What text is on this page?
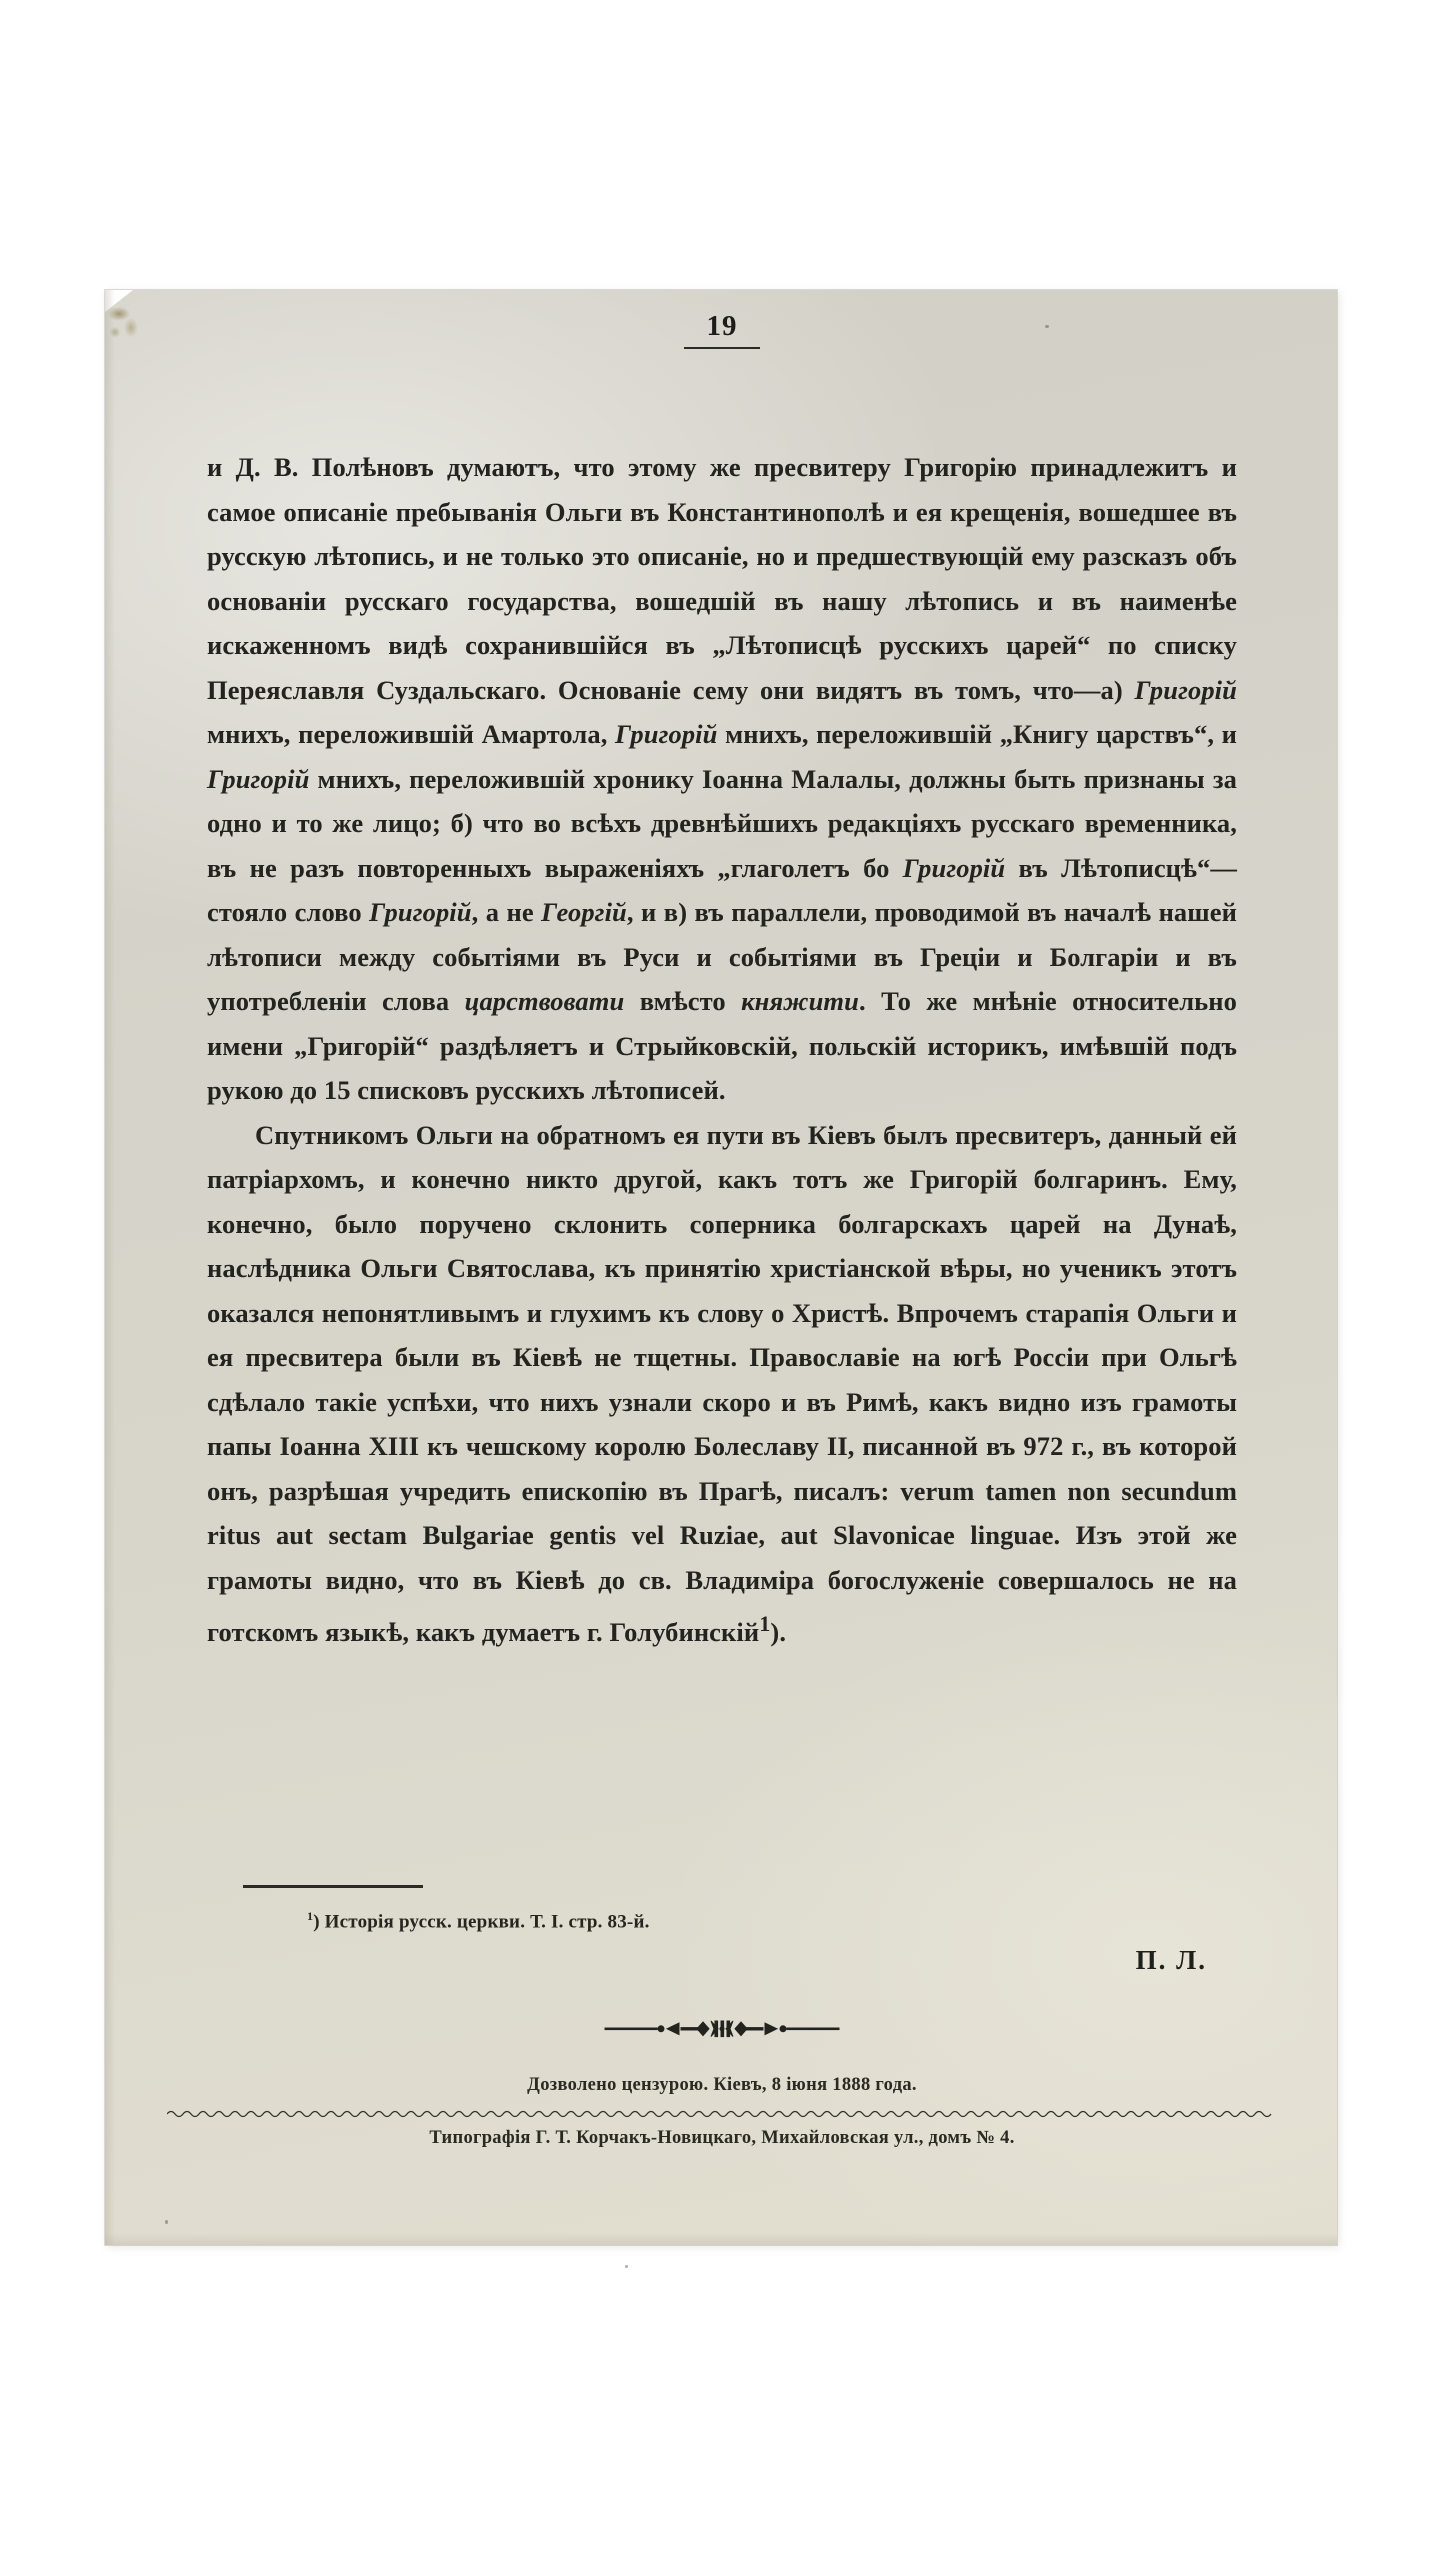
19

и Д. В. Полѣновъ думаютъ, что этому же пресвитеру Григорію принадлежитъ и самое описаніе пребыванія Ольги въ Константинополѣ и ея крещенія, вошедшее въ русскую лѣтопись, и не только это описаніе, но и предшествующій ему разсказъ объ основаніи русскаго государства, вошедшій въ нашу лѣтопись и въ наименѣе искаженномъ видѣ сохранившійся въ „Лѣтописцѣ русскихъ царей“ по списку Переяславля Суздальскаго. Основаніе сему они видятъ въ томъ, что—а) Григорій мнихъ, переложившій Амартола, Григорій мнихъ, переложившій „Книгу царствъ“, и Григорій мнихъ, переложившій хронику Іоанна Малалы, должны быть признаны за одно и то же лицо; б) что во всѣхъ древнѣйшихъ редакціяхъ русскаго временника, въ не разъ повторенныхъ выраженіяхъ „глаголетъ бо Григорій въ Лѣтописцѣ“—стояло слово Григорій, а не Георгій, и в) въ параллели, проводимой въ началѣ нашей лѣтописи между событіями въ Руси и событіями въ Греціи и Болгаріи и въ употребленіи слова царствовати вмѣсто княжити. То же мнѣніе относительно имени „Григорій“ раздѣляетъ и Стрыйковскій, польскій историкъ, имѣвшій подъ рукою до 15 списковъ русскихъ лѣтописей.

Спутникомъ Ольги на обратномъ ея пути въ Кіевъ былъ пресвитеръ, данный ей патріархомъ, и конечно никто другой, какъ тотъ же Григорій болгаринъ. Ему, конечно, было поручено склонить соперника болгарскахъ царей на Дунаѣ, наслѣдника Ольги Святослава, къ принятію христіанской вѣры, но ученикъ этотъ оказался непонятливымъ и глухимъ къ слову о Христѣ. Впрочемъ старапія Ольги и ея пресвитера были въ Кіевѣ не тщетны. Православіе на югѣ Россіи при Ольгѣ сдѣлало такіе успѣхи, что нихъ узнали скоро и въ Римѣ, какъ видно изъ грамоты папы Іоанна XIII къ чешскому королю Болеславу II, писанной въ 972 г., въ которой онъ, разрѣшая учредить епископію въ Прагѣ, писалъ: verum tamen non secundum ritus aut sectam Bulgariae gentis vel Ruziae, aut Slavonicae linguae. Изъ этой же грамоты видно, что въ Кіевѣ до св. Владиміра богослуженіе совершалось не на готскомъ языкѣ, какъ думаетъ г. Голубинскій$^1$).

$^1$) Исторія русск. церкви. Т. І. стр. 83-й.
П. Л.
Дозволено цензурою. Кіевъ, 8 іюня 1888 года.
Типографія Г. Т. Корчакъ-Новицкаго, Михайловская ул., домъ № 4.
